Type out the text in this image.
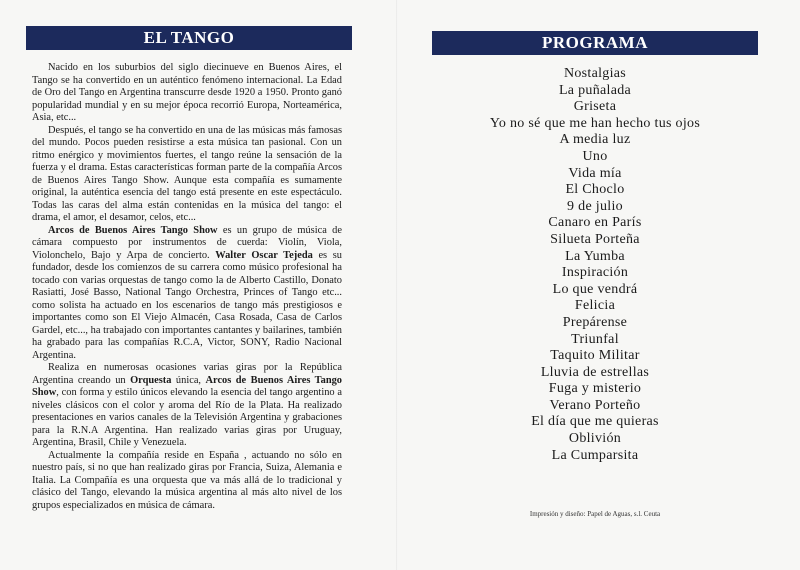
EL TANGO

Nacido en los suburbios del siglo diecinueve en Buenos Aires, el Tango se ha convertido en un auténtico fenómeno internacional. La Edad de Oro del Tango en Argentina transcurre desde 1920 a 1950. Pronto ganó popularidad mundial y en su mejor época recorrió Europa, Norteamérica, Asia, etc...

Después, el tango se ha convertido en una de las músicas más famosas del mundo. Pocos pueden resistirse a esta música tan pasional. Con un ritmo enérgico y movimientos fuertes, el tango reúne la sensación de la fuerza y el drama. Estas características forman parte de la compañía Arcos de Buenos Aires Tango Show. Aunque esta compañía es sumamente original, la auténtica esencia del tango está presente en este espectáculo. Todas las caras del alma están contenidas en la música del tango: el drama, el amor, el desamor, celos, etc...

Arcos de Buenos Aires Tango Show es un grupo de música de cámara compuesto por instrumentos de cuerda: Violín, Viola, Violonchelo, Bajo y Arpa de concierto. Walter Oscar Tejeda es su fundador, desde los comienzos de su carrera como músico profesional ha tocado con varias orquestas de tango como la de Alberto Castillo, Donato Rasiatti, José Basso, National Tango Orchestra, Princes of Tango etc... como solista ha actuado en los escenarios de tango más prestigiosos e importantes como son El Viejo Almacén, Casa Rosada, Casa de Carlos Gardel, etc..., ha trabajado con importantes cantantes y bailarines, también ha grabado para las compañías R.C.A, Victor, SONY, Radio Nacional Argentina.

Realiza en numerosas ocasiones varias giras por la República Argentina creando un Orquesta única, Arcos de Buenos Aires Tango Show, con forma y estilo únicos elevando la esencia del tango argentino a niveles clásicos con el color y aroma del Río de la Plata. Ha realizado presentaciones en varios canales de la Televisión Argentina y grabaciones para la R.N.A Argentina. Han realizado varias giras por Uruguay, Argentina, Brasil, Chile y Venezuela.

Actualmente la compañía reside en España , actuando no sólo en nuestro país, si no que han realizado giras por Francia, Suiza, Alemania e Italia. La Compañía es una orquesta que va más allá de lo tradicional y clásico del Tango, elevando la música argentina al más alto nivel de los grupos especializados en música de cámara.

PROGRAMA
Nostalgias
La puñalada
Griseta
Yo no sé que me han hecho tus ojos
A media luz
Uno
Vida mía
El Choclo
9 de julio
Canaro en París
Silueta Porteña
La Yumba
Inspiración
Lo que vendrá
Felicia
Prepárense
Triunfal
Taquito Militar
Lluvia de estrellas
Fuga y misterio
Verano Porteño
El día que me quieras
Oblivión
La Cumparsita
Impresión y diseño: Papel de Aguas, s.l. Ceuta
